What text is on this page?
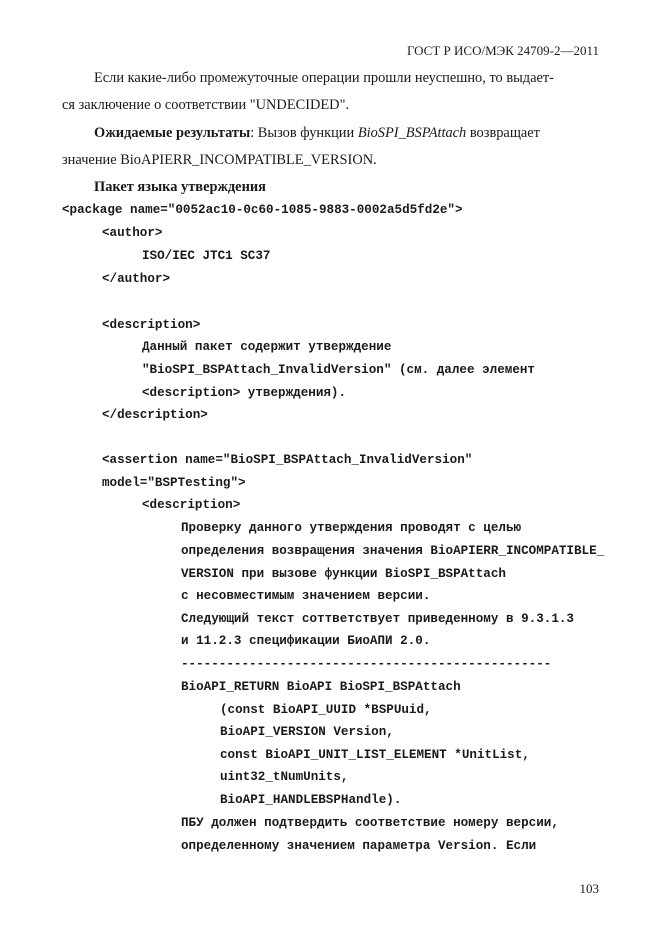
ГОСТ Р ИСО/МЭК 24709-2—2011
Если какие-либо промежуточные операции прошли неуспешно, то выдает-
ся заключение о соответствии "UNDECIDED".
Ожидаемые результаты: Вызов функции BioSPI_BSPAttach возвращает
значение BioAPIERR_INCOMPATIBLE_VERSION.
Пакет языка утверждения
<package name="0052ac10-0c60-1085-9883-0002a5d5fd2e">
<author>
ISO/IEC JTC1 SC37
</author>
<description>
Данный пакет содержит утверждение
"BioSPI_BSPAttach_InvalidVersion" (см. далее элемент
<description> утверждения).
</description>
<assertion name="BioSPI_BSPAttach_InvalidVersion"
model="BSPTesting">
<description>
Проверку данного утверждения проводят с целью
определения возвращения значения BioAPIERR_INCOMPATIBLE_
VERSION при вызове функции BioSPI_BSPAttach
с несовместимым значением версии.
Следующий текст соттветствует приведенному в 9.3.1.3
и 11.2.3 спецификации БиоАПИ 2.0.
-------------------------------------------------
BioAPI_RETURN BioAPI BioSPI_BSPAttach
(const BioAPI_UUID *BSPUuid,
BioAPI_VERSION Version,
const BioAPI_UNIT_LIST_ELEMENT *UnitList,
uint32_tNumUnits,
BioAPI_HANDLEBSPHandle).
ПБУ должен подтвердить соответствие номеру версии,
определенному значением параметра Version. Если
103
